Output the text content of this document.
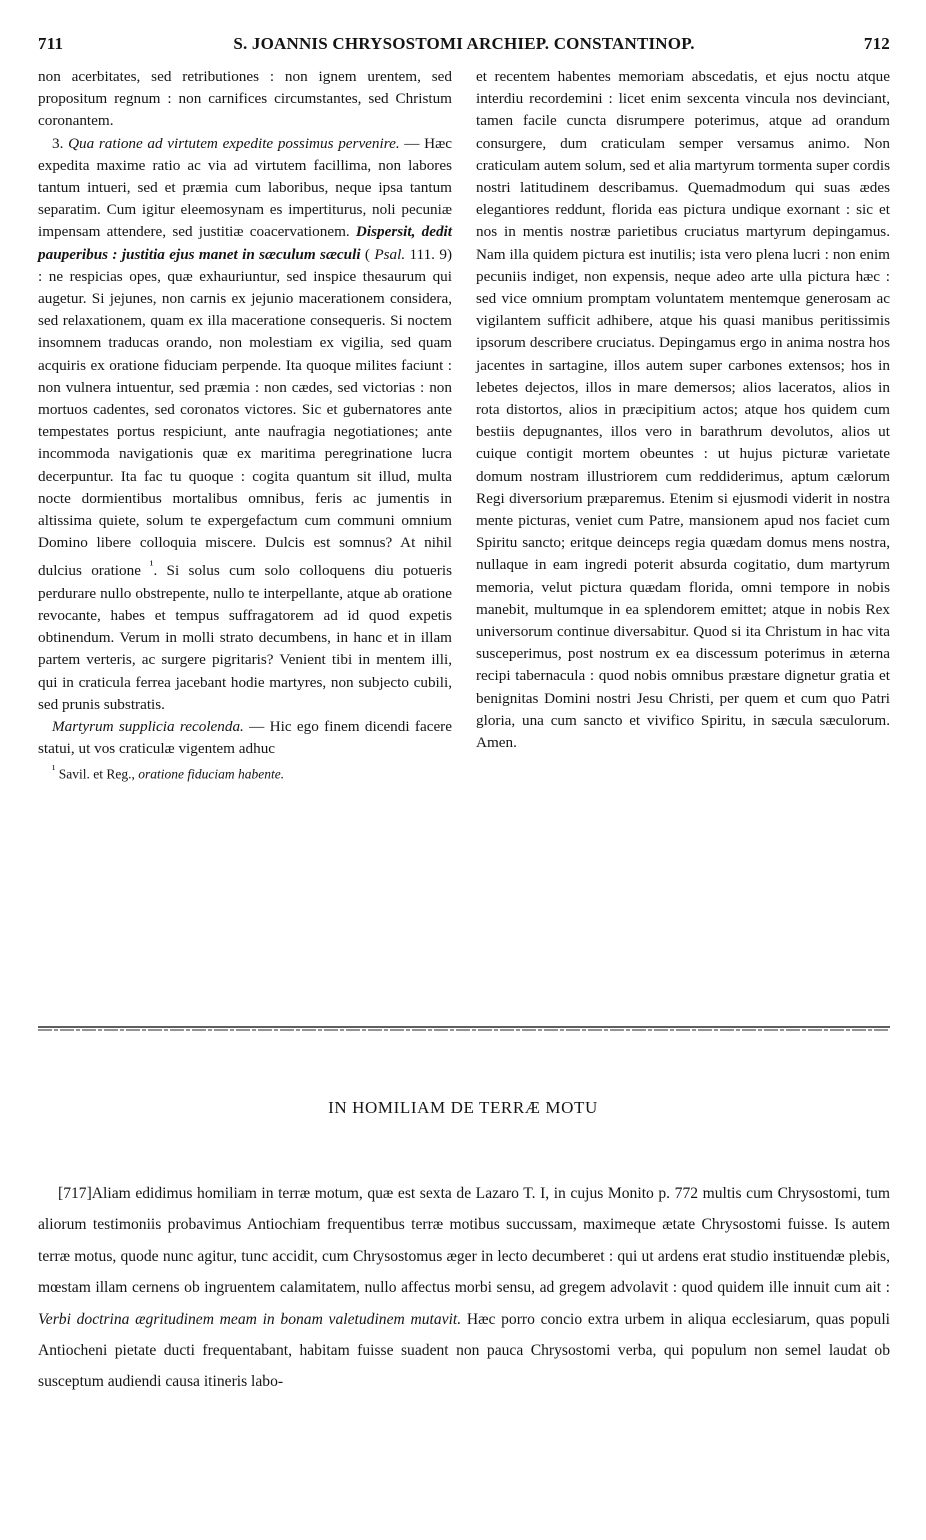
711	S. JOANNIS CHRYSOSTOMI ARCHIEP. CONSTANTINOP.	712

non acerbitates, sed retributiones : non ignem urentem, sed propositum regnum : non carnifices circumstantes, sed Christum coronantem.

3. Qua ratione ad virtutem expedite possimus pervenire. — Hæc expedita maxime ratio ac via ad virtutem facillima, non labores tantum intueri, sed et præmia cum laboribus, neque ipsa tantum separatim. Cum igitur eleemosynam es impertiturus, noli pecuniæ impensam attendere, sed justitiæ coacervationem. Dispersit, dedit pauperibus : justitia ejus manet in sæculum sæculi ( Psal. 111. 9) : ne respicias opes, quæ exhauriuntur, sed inspice thesaurum qui augetur. Si jejunes, non carnis ex jejunio macerationem considera, sed relaxationem, quam ex illa maceratione consequeris. Si noctem insomnem traducas orando, non molestiam ex vigilia, sed quam acquiris ex oratione fiduciam perpende. Ita quoque milites faciunt : non vulnera intuentur, sed præmia : non cædes, sed victorias : non mortuos cadentes, sed coronatos victores. Sic et gubernatores ante tempestates portus respiciunt, ante naufragia negotiationes; ante incommoda navigationis quæ ex maritima peregrinatione lucra decerpuntur. Ita fac tu quoque : cogita quantum sit illud, multa nocte dormientibus mortalibus omnibus, feris ac jumentis in altissima quiete, solum te expergefactum cum communi omnium Domino libere colloquia miscere. Dulcis est somnus? At nihil dulcius oratione $^{^1}$. Si solus cum solo colloquens diu potueris perdurare nullo obstrepente, nullo te interpellante, atque ab oratione revocante, habes et tempus suffragatorem ad id quod expetis obtinendum. Verum in molli strato decumbens, in hanc et in illam partem verteris, ac surgere pigritaris? Venient tibi in mentem illi, qui in craticula ferrea jacebant hodie martyres, non subjecto cubili, sed prunis substratis.

Martyrum supplicia recolenda. — Hic ego finem dicendi facere statui, ut vos craticulæ vigentem adhuc

$^{^1}$ Savil. et Reg., oratione fiduciam habente.

et recentem habentes memoriam abscedatis, et ejus noctu atque interdiu recordemini : licet enim sexcenta vincula nos devinciant, tamen facile cuncta disrumpere poterimus, atque ad orandum consurgere, dum craticulam semper versamus animo. Non craticulam autem solum, sed et alia martyrum tormenta super cordis nostri latitudinem describamus. Quemadmodum qui suas ædes elegantiores reddunt, florida eas pictura undique exornant : sic et nos in mentis nostræ parietibus cruciatus martyrum depingamus. Nam illa quidem pictura est inutilis; ista vero plena lucri : non enim pecuniis indiget, non expensis, neque adeo arte ulla pictura hæc : sed vice omnium promptam voluntatem mentemque generosam ac vigilantem sufficit adhibere, atque his quasi manibus peritissimis ipsorum describere cruciatus. Depingamus ergo in anima nostra hos jacentes in sartagine, illos autem super carbones extensos; hos in lebetes dejectos, illos in mare demersos; alios laceratos, alios in rota distortos, alios in præcipitium actos; atque hos quidem cum bestiis depugnantes, illos vero in barathrum devolutos, alios ut cuique contigit mortem obeuntes : ut hujus picturæ varietate domum nostram illustriorem cum reddiderimus, aptum cælorum Regi diversorium præparemus. Etenim si ejusmodi viderit in nostra mente picturas, veniet cum Patre, mansionem apud nos faciet cum Spiritu sancto; eritque deinceps regia quædam domus mens nostra, nullaque in eam ingredi poterit absurda cogitatio, dum martyrum memoria, velut pictura quædam florida, omni tempore in nobis manebit, multumque in ea splendorem emittet; atque in nobis Rex universorum continue diversabitur. Quod si ita Christum in hac vita susceperimus, post nostrum ex ea discessum poterimus in æterna recipi tabernacula : quod nobis omnibus præstare dignetur gratia et benignitas Domini nostri Jesu Christi, per quem et cum quo Patri gloria, una cum sancto et vivifico Spiritu, in sæcula sæculorum. Amen.

IN HOMILIAM DE TERRÆ MOTU

[717]Aliam edidimus homiliam in terræ motum, quæ est sexta de Lazaro T. I, in cujus Monito p. 772 multis cum Chrysostomi, tum aliorum testimoniis probavimus Antiochiam frequentibus terræ motibus succussam, maximeque ætate Chrysostomi fuisse. Is autem terræ motus, quode nunc agitur, tunc accidit, cum Chrysostomus æger in lecto decumberet : qui ut ardens erat studio instituendæ plebis, mœstam illam cernens ob ingruentem calamitatem, nullo affectus morbi sensu, ad gregem advolavit : quod quidem ille innuit cum ait : Verbi doctrina ægritudinem meam in bonam valetudinem mutavit. Hæc porro concio extra urbem in aliqua ecclesiarum, quas populi Antiocheni pietate ducti frequentabant, habitam fuisse suadent non pauca Chrysostomi verba, qui populum non semel laudat ob susceptum audiendi causa itineris labo-
